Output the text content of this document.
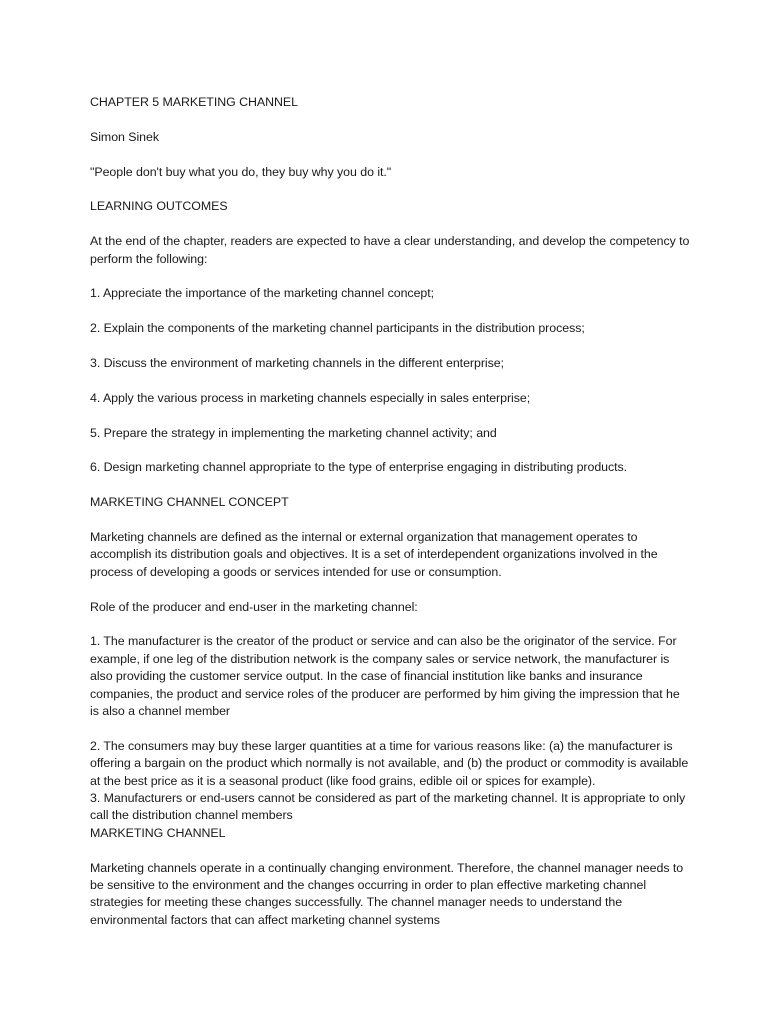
CHAPTER 5 MARKETING CHANNEL

Simon Sinek

"People don't buy what you do, they buy why you do it."

LEARNING OUTCOMES

At the end of the chapter, readers are expected to have a clear understanding, and develop the competency to perform the following:

1. Appreciate the importance of the marketing channel concept;

2. Explain the components of the marketing channel participants in the distribution process;

3. Discuss the environment of marketing channels in the different enterprise;

4. Apply the various process in marketing channels especially in sales enterprise;

5. Prepare the strategy in implementing the marketing channel activity; and

6. Design marketing channel appropriate to the type of enterprise engaging in distributing products.

MARKETING CHANNEL CONCEPT

Marketing channels are defined as the internal or external organization that management operates to accomplish its distribution goals and objectives. It is a set of interdependent organizations involved in the process of developing a goods or services intended for use or consumption.

Role of the producer and end-user in the marketing channel:

1. The manufacturer is the creator of the product or service and can also be the originator of the service. For example, if one leg of the distribution network is the company sales or service network, the manufacturer is also providing the customer service output. In the case of financial institution like banks and insurance companies, the product and service roles of the producer are performed by him giving the impression that he is also a channel member

2. The consumers may buy these larger quantities at a time for various reasons like: (a) the manufacturer is offering a bargain on the product which normally is not available, and (b) the product or commodity is available at the best price as it is a seasonal product (like food grains, edible oil or spices for example).

3. Manufacturers or end-users cannot be considered as part of the marketing channel. It is appropriate to only call the distribution channel members

MARKETING CHANNEL

Marketing channels operate in a continually changing environment. Therefore, the channel manager needs to be sensitive to the environment and the changes occurring in order to plan effective marketing channel strategies for meeting these changes successfully. The channel manager needs to understand the environmental factors that can affect marketing channel systems
